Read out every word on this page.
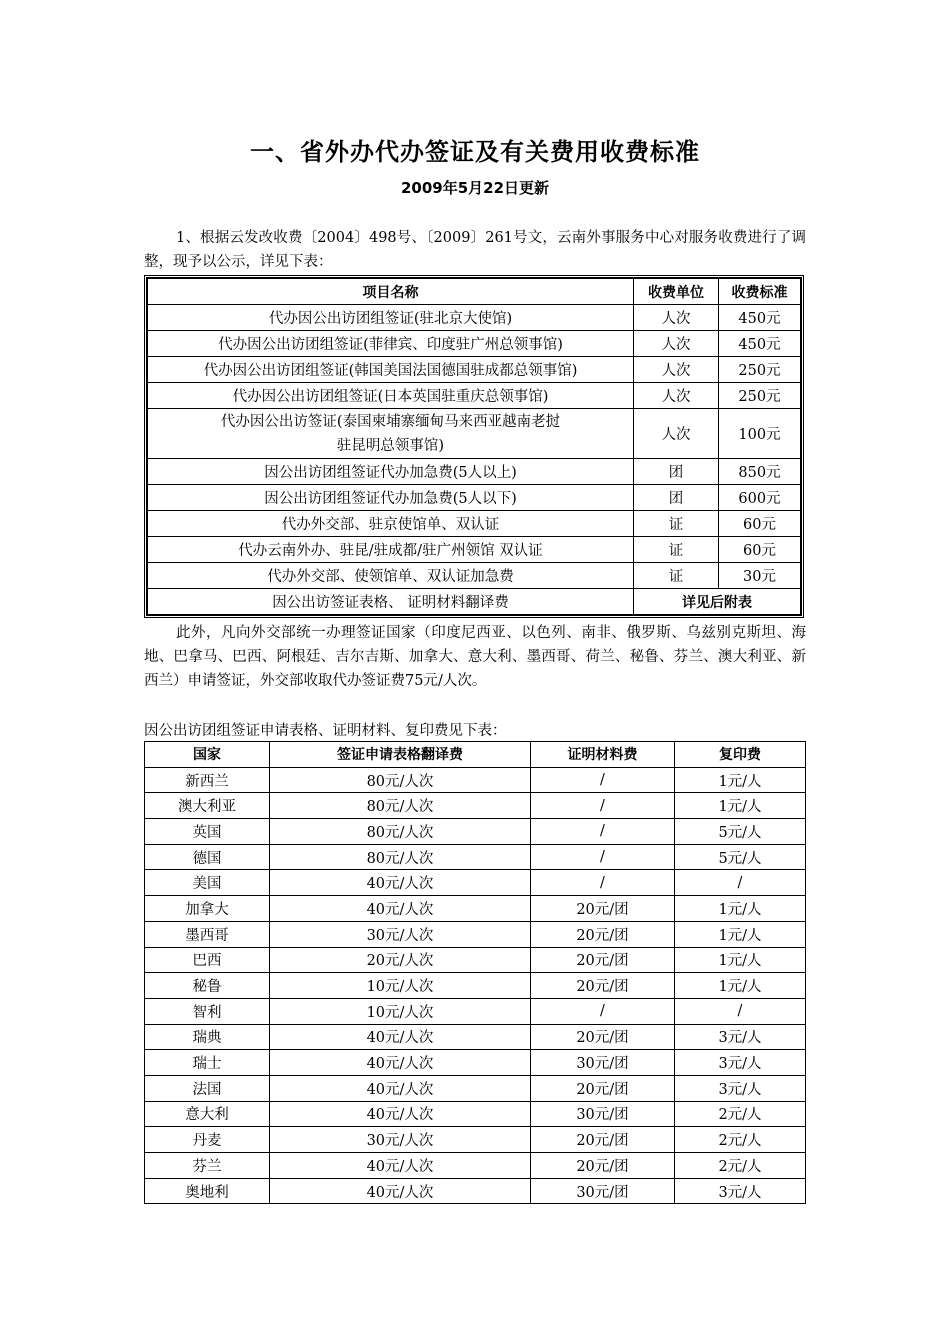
一、省外办代办签证及有关费用收费标准
2009年5月22日更新
1、根据云发改收费〔2004〕498号、〔2009〕261号文，云南外事服务中心对服务收费进行了调整，现予以公示，详见下表：
项目名称	收费单位	收费标准
代办因公出访团组签证(驻北京大使馆)	人次	450元
代办因公出访团组签证(菲律宾、印度驻广州总领事馆)	人次	450元
代办因公出访团组签证(韩国美国法国德国驻成都总领事馆)	人次	250元
代办因公出访团组签证(日本英国驻重庆总领事馆)	人次	250元

代办因公出访签证(泰国柬埔寨缅甸马来西亚越南老挝
驻昆明总领事馆)	人次	100元
因公出访团组签证代办加急费(5人以上)	团	850元
因公出访团组签证代办加急费(5人以下)	团	600元
代办外交部、驻京使馆单、双认证	证	60元
代办云南外办、驻昆/驻成都/驻广州领馆 双认证	证	60元
代办外交部、使领馆单、双认证加急费	证	30元
因公出访签证表格、 证明材料翻译费	详见后附表	
此外，凡向外交部统一办理签证国家（印度尼西亚、以色列、南非、俄罗斯、乌兹别克斯坦、海地、巴拿马、巴西、阿根廷、吉尔吉斯、加拿大、意大利、墨西哥、荷兰、秘鲁、芬兰、澳大利亚、新西兰）申请签证，外交部收取代办签证费75元/人次。
因公出访团组签证申请表格、证明材料、复印费见下表：
国家	签证申请表格翻译费	证明材料费	复印费
新西兰	80元/人次	/	1元/人
澳大利亚	80元/人次	/	1元/人
英国	80元/人次	/	5元/人
德国	80元/人次	/	5元/人
美国	40元/人次	/	/
加拿大	40元/人次	20元/团	1元/人
墨西哥	30元/人次	20元/团	1元/人
巴西	20元/人次	20元/团	1元/人
秘鲁	10元/人次	20元/团	1元/人
智利	10元/人次	/	/
瑞典	40元/人次	20元/团	3元/人
瑞士	40元/人次	30元/团	3元/人
法国	40元/人次	20元/团	3元/人
意大利	40元/人次	30元/团	2元/人
丹麦	30元/人次	20元/团	2元/人
芬兰	40元/人次	20元/团	2元/人
奥地利	40元/人次	30元/团	3元/人
